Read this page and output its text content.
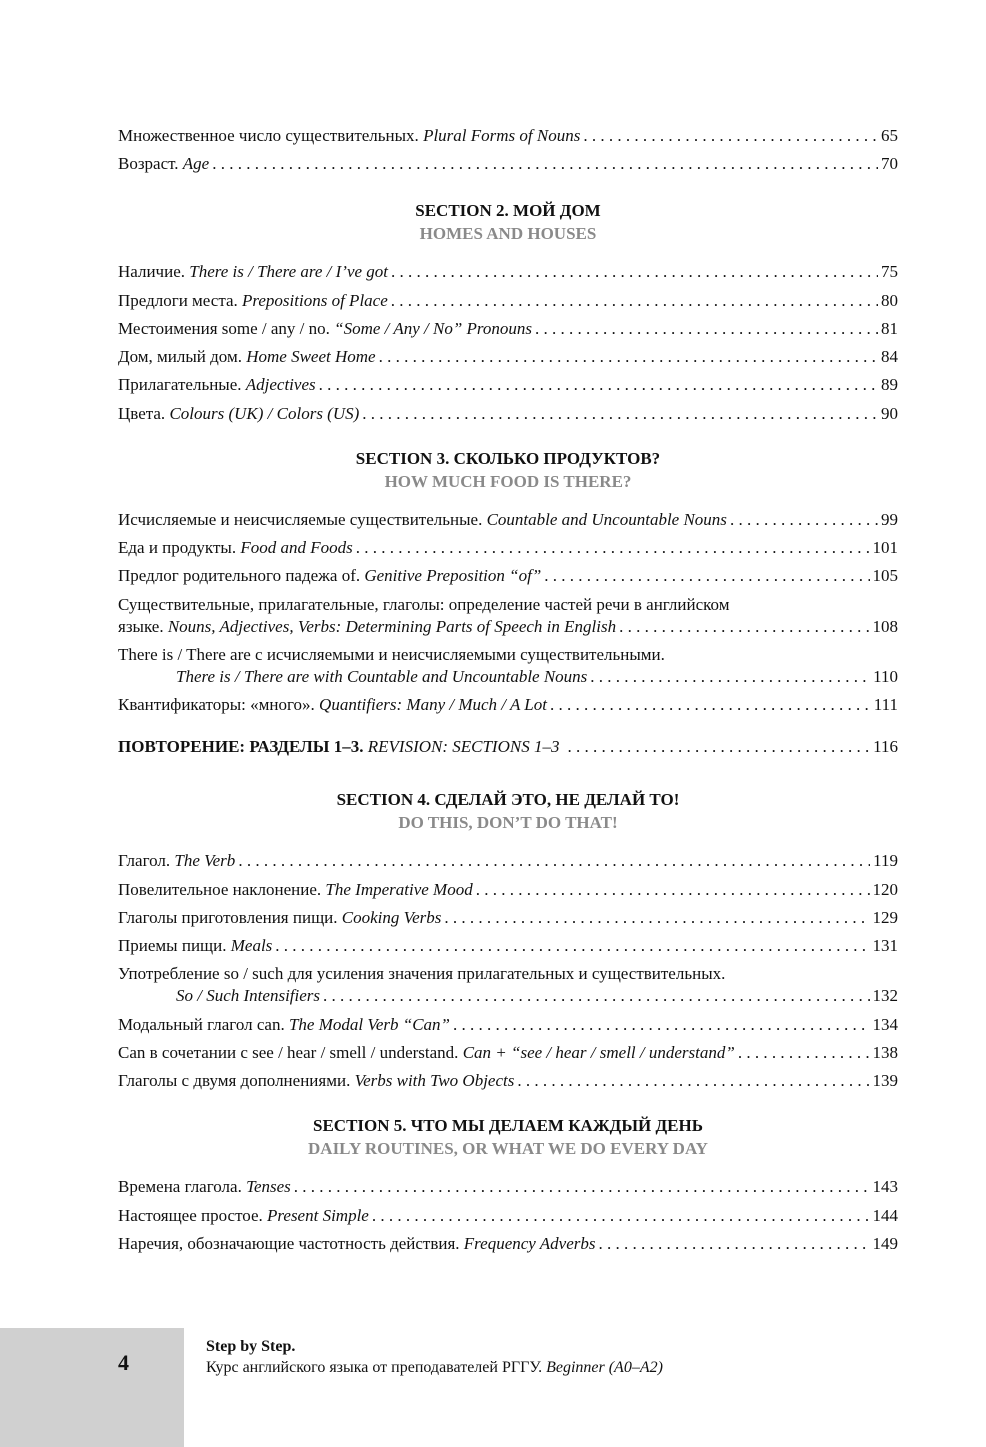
Множественное число существительных. Plural Forms of Nouns . . .	65
Возраст. Age . . .	70
SECTION 2. МОЙ ДОМ
HOMES AND HOUSES
Наличие. There is / There are / I’ve got . . .	75
Предлоги места. Prepositions of Place . . .	80
Местоимения some / any / no. “Some / Any / No” Pronouns . . .	81
Дом, милый дом. Home Sweet Home . . .	84
Прилагательные. Adjectives . . .	89
Цвета. Colours (UK) / Colors (US) . . .	90
SECTION 3. СКОЛЬКО ПРОДУКТОВ?
HOW MUCH FOOD IS THERE?
Исчисляемые и неисчисляемые существительные. Countable and Uncountable Nouns . . .	99
Еда и продукты. Food and Foods . . .	101
Предлог родительного падежа of. Genitive Preposition “of” . . .	105
Существительные, прилагательные, глаголы: определение частей речи в английском
языке. Nouns, Adjectives, Verbs: Determining Parts of Speech in English . . .	108
There is / There are с исчисляемыми и неисчисляемыми существительными.
There is / There are with Countable and Uncountable Nouns . . .	110
Квантификаторы: «много». Quantifiers: Many / Much / A Lot . . .	111
ПОВТОРЕНИЕ: РАЗДЕЛЫ 1–3. REVISION: SECTIONS 1–3 . . .	116
SECTION 4. СДЕЛАЙ ЭТО, НЕ ДЕЛАЙ ТО!
DO THIS, DON’T DO THAT!
Глагол. The Verb . . .	119
Повелительное наклонение. The Imperative Mood . . .	120
Глаголы приготовления пищи. Cooking Verbs . . .	129
Приемы пищи. Meals . . .	131
Употребление so / such для усиления значения прилагательных и существительных.
So / Such Intensifiers . . .	132
Модальный глагол can. The Modal Verb “Can” . . .	134
Can в сочетании с see / hear / smell / understand. Can + “see / hear / smell / understand” . . .	138
Глаголы с двумя дополнениями. Verbs with Two Objects . . .	139
SECTION 5. ЧТО МЫ ДЕЛАЕМ КАЖДЫЙ ДЕНЬ
DAILY ROUTINES, OR WHAT WE DO EVERY DAY
Времена глагола. Tenses . . .	143
Настоящее простое. Present Simple . . .	144
Наречия, обозначающие частотность действия. Frequency Adverbs . . .	149
4
Step by Step.
Курс английского языка от преподавателей РГГУ. Beginner (A0–A2)
